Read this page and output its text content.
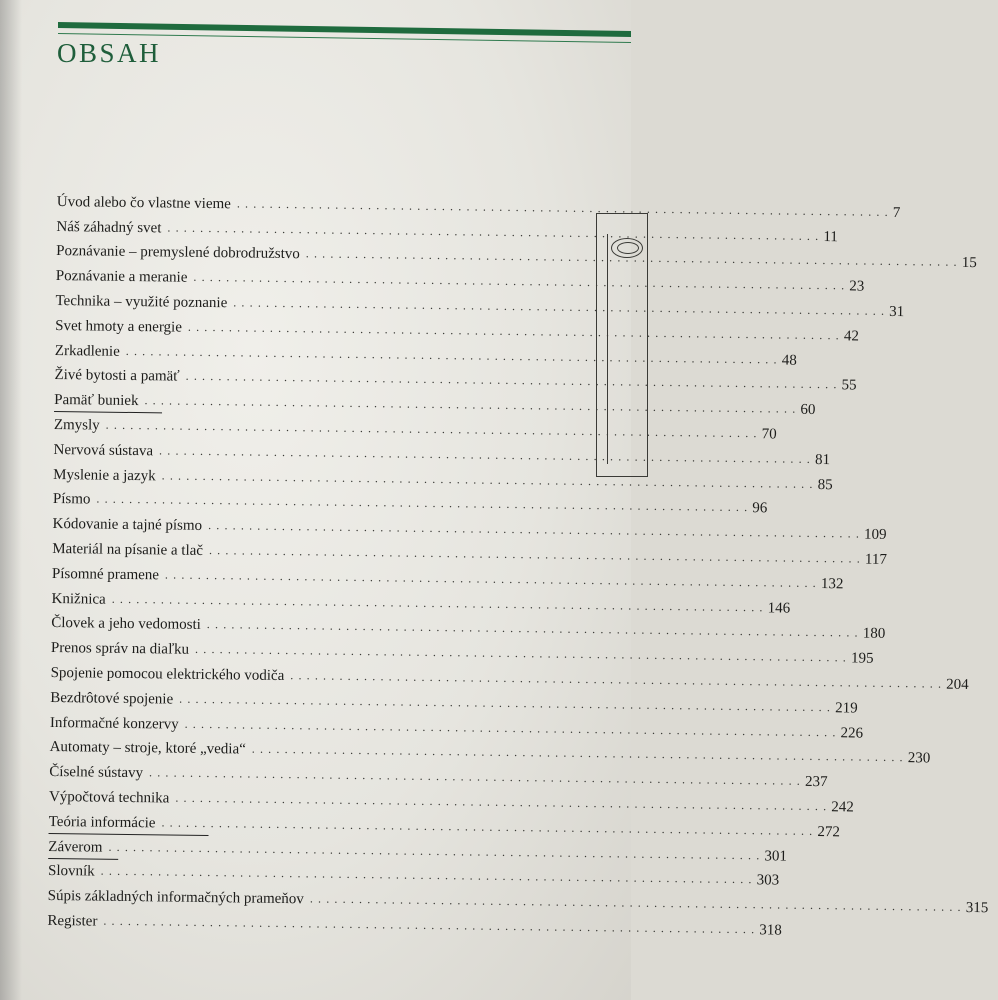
OBSAH
Úvod alebo čo vlastne vieme ................................................................................ 7
Náš záhadný svet ................................................................................ 11
Poznávanie – premyslené dobrodružstvo ................................................................................ 15
Poznávanie a meranie ................................................................................ 23
Technika – využité poznanie ................................................................................ 31
Svet hmoty a energie ................................................................................ 42
Zrkadlenie ................................................................................ 48
Živé bytosti a pamäť ................................................................................ 55
Pamäť buniek ................................................................................ 60
Zmysly ................................................................................ 70
Nervová sústava ................................................................................ 81
Myslenie a jazyk ................................................................................ 85
Písmo ................................................................................ 96
Kódovanie a tajné písmo ................................................................................ 109
Materiál na písanie a tlač ................................................................................ 117
Písomné pramene ................................................................................ 132
Knižnica ................................................................................ 146
Človek a jeho vedomosti ................................................................................ 180
Prenos správ na diaľku ................................................................................ 195
Spojenie pomocou elektrického vodiča ................................................................................ 204
Bezdrôtové spojenie ................................................................................ 219
Informačné konzervy ................................................................................ 226
Automaty – stroje, ktoré „vedia“ ................................................................................ 230
Číselné sústavy ................................................................................ 237
Výpočtová technika ................................................................................ 242
Teória informácie ................................................................................ 272
Záverom ................................................................................ 301
Slovník ................................................................................ 303
Súpis základných informačných prameňov ................................................................................ 315
Register ................................................................................ 318
